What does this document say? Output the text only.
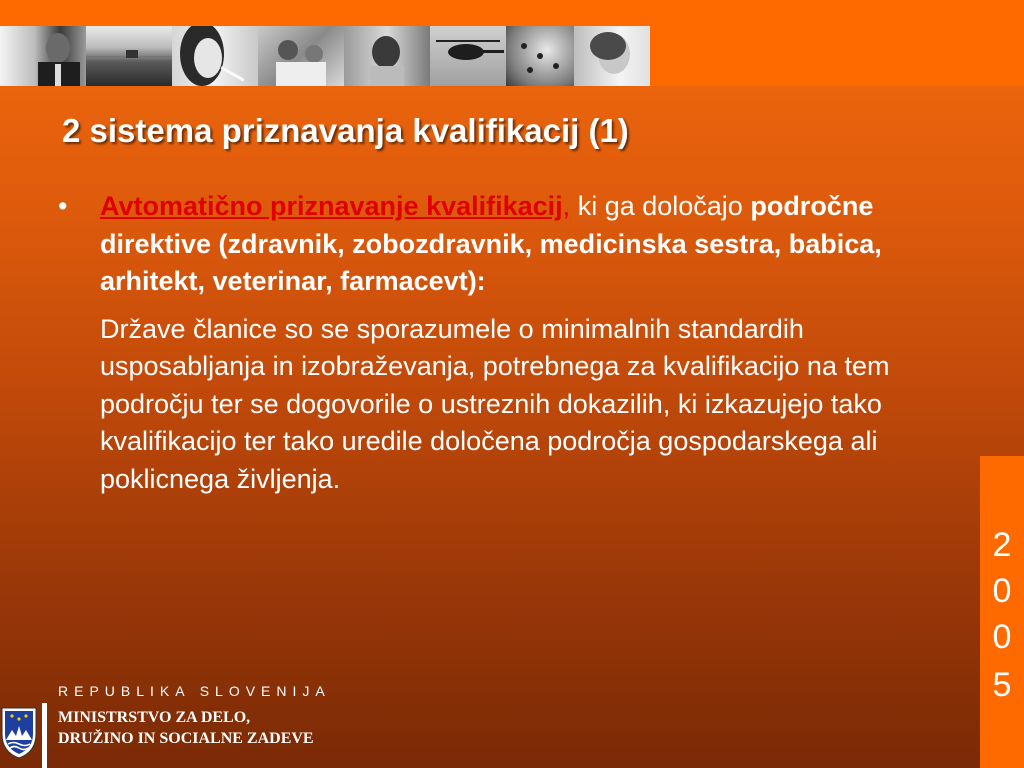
2 sistema priznavanja kvalifikacij (1)
•	Avtomatično priznavanje kvalifikacij, ki ga določajo področne direktive (zdravnik, zobozdravnik, medicinska sestra, babica, arhitekt, veterinar, farmacevt):
Države članice so se sporazumele o minimalnih standardih usposabljanja in izobraževanja, potrebnega za kvalifikacijo na tem področju ter se dogovorile o ustreznih dokazilih, ki izkazujejo tako kvalifikacijo ter tako uredile določena področja gospodarskega ali poklicnega življenja.
2
0
0
5
REPUBLIKA SLOVENIJA
MINISTRSTVO ZA DELO,
DRUŽINO IN SOCIALNE ZADEVE
